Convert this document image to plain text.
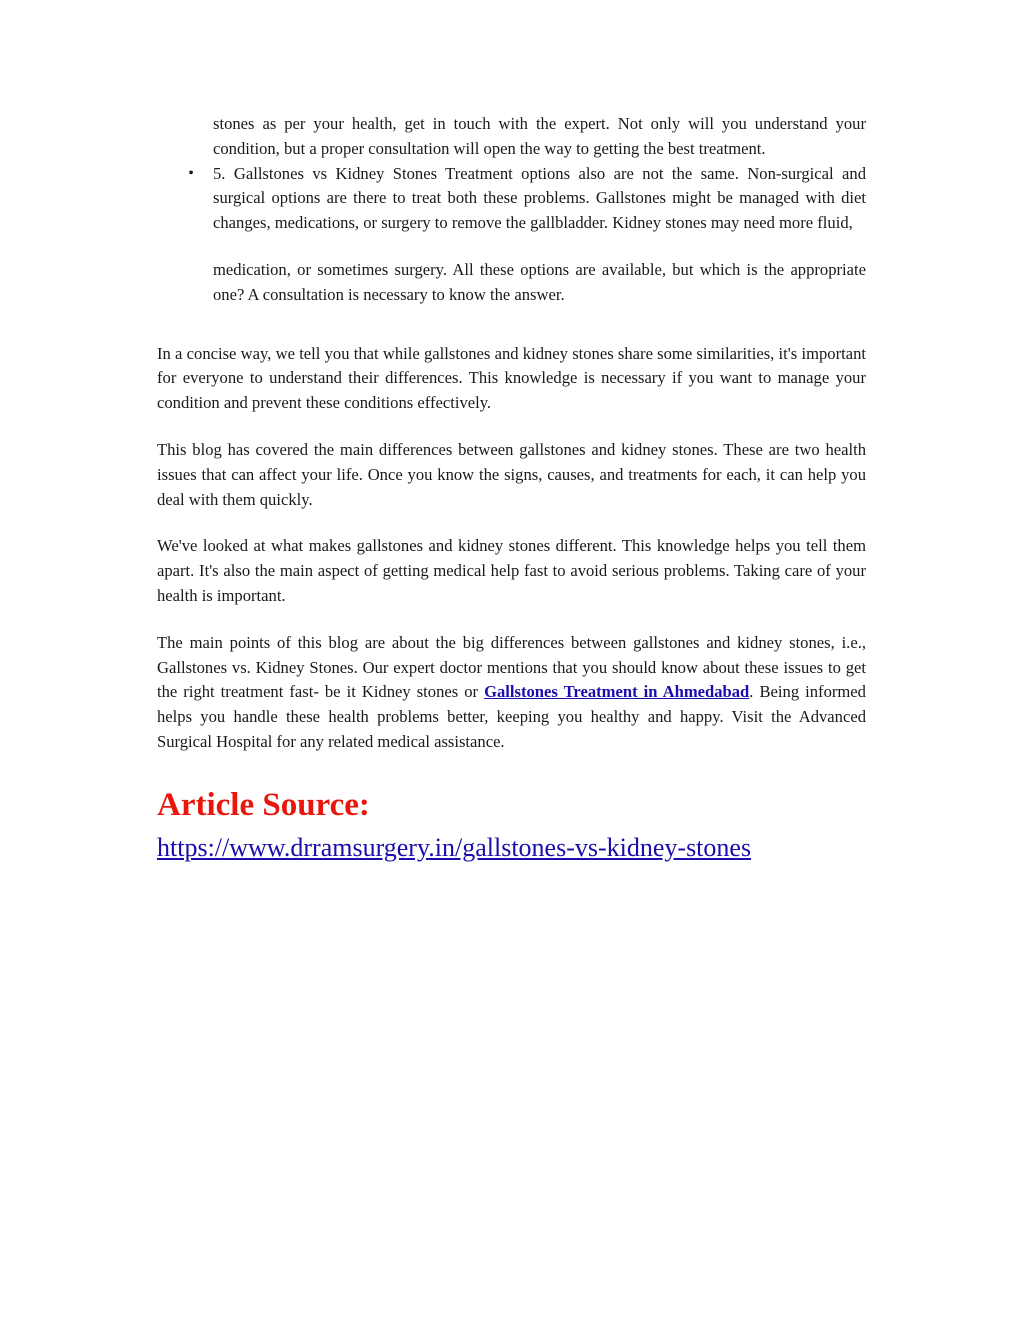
stones as per your health, get in touch with the expert. Not only will you understand your condition, but a proper consultation will open the way to getting the best treatment.
• 5. Gallstones vs Kidney Stones Treatment options also are not the same. Non-surgical and surgical options are there to treat both these problems. Gallstones might be managed with diet changes, medications, or surgery to remove the gallbladder. Kidney stones may need more fluid,
medication, or sometimes surgery. All these options are available, but which is the appropriate one? A consultation is necessary to know the answer.
In a concise way, we tell you that while gallstones and kidney stones share some similarities, it's important for everyone to understand their differences. This knowledge is necessary if you want to manage your condition and prevent these conditions effectively.
This blog has covered the main differences between gallstones and kidney stones. These are two health issues that can affect your life. Once you know the signs, causes, and treatments for each, it can help you deal with them quickly.
We've looked at what makes gallstones and kidney stones different. This knowledge helps you tell them apart. It's also the main aspect of getting medical help fast to avoid serious problems. Taking care of your health is important.
The main points of this blog are about the big differences between gallstones and kidney stones, i.e., Gallstones vs. Kidney Stones. Our expert doctor mentions that you should know about these issues to get the right treatment fast- be it Kidney stones or Gallstones Treatment in Ahmedabad. Being informed helps you handle these health problems better, keeping you healthy and happy. Visit the Advanced Surgical Hospital for any related medical assistance.
Article Source:
https://www.drramsurgery.in/gallstones-vs-kidney-stones
